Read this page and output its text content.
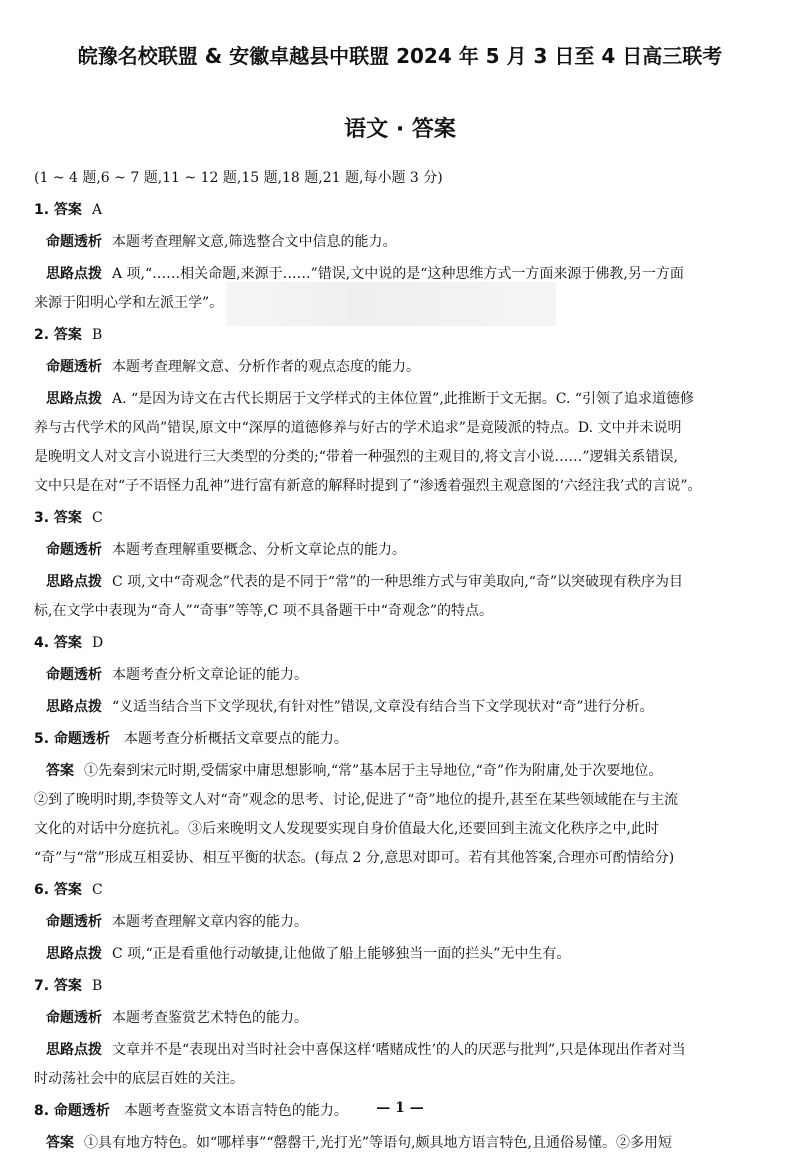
皖豫名校联盟 & 安徽卓越县中联盟 2024 年 5 月 3 日至 4 日高三联考
语文 · 答案
(1 ~ 4 题,6 ~ 7 题,11 ~ 12 题,15 题,18 题,21 题,每小题 3 分)
1. 答案 A
命题透析 本题考查理解文意,筛选整合文中信息的能力。
思路点拨 A 项,“……相关命题,来源于……”错误,文中说的是“这种思维方式一方面来源于佛教,另一方面
来源于阳明心学和左派王学”。
2. 答案 B
命题透析 本题考查理解文意、分析作者的观点态度的能力。
思路点拨 A. “是因为诗文在古代长期居于文学样式的主体位置”,此推断于文无据。C. “引领了追求道德修
养与古代学术的风尚”错误,原文中“深厚的道德修养与好古的学术追求”是竟陵派的特点。D. 文中并未说明
是晚明文人对文言小说进行三大类型的分类的;“带着一种强烈的主观目的,将文言小说……”逻辑关系错误,
文中只是在对“子不语怪力乱神”进行富有新意的解释时提到了“渗透着强烈主观意图的‘六经注我’式的言说”。
3. 答案 C
命题透析 本题考查理解重要概念、分析文章论点的能力。
思路点拨 C 项,文中“奇观念”代表的是不同于“常”的一种思维方式与审美取向,“奇”以突破现有秩序为目
标,在文学中表现为“奇人”“奇事”等等,C 项不具备题干中“奇观念”的特点。
4. 答案 D
命题透析 本题考查分析文章论证的能力。
思路点拨 “义适当结合当下文学现状,有针对性”错误,文章没有结合当下文学现状对“奇”进行分析。
5. 命题透析 本题考查分析概括文章要点的能力。
答案 ①先秦到宋元时期,受儒家中庸思想影响,“常”基本居于主导地位,“奇”作为附庸,处于次要地位。
②到了晚明时期,李贽等文人对“奇”观念的思考、讨论,促进了“奇”地位的提升,甚至在某些领域能在与主流
文化的对话中分庭抗礼。③后来晚明文人发现要实现自身价值最大化,还要回到主流文化秩序之中,此时
“奇”与“常”形成互相妥协、相互平衡的状态。(每点 2 分,意思对即可。若有其他答案,合理亦可酌情给分)
6. 答案 C
命题透析 本题考查理解文章内容的能力。
思路点拨 C 项,“正是看重他行动敏捷,让他做了船上能够独当一面的拦头”无中生有。
7. 答案 B
命题透析 本题考查鉴赏艺术特色的能力。
思路点拨 文章并不是“表现出对当时社会中喜保这样‘嗜赌成性’的人的厌恶与批判”,只是体现出作者对当
时动荡社会中的底层百姓的关注。
8. 命题透析 本题考查鉴赏文本语言特色的能力。
答案 ①具有地方特色。如“哪样事”“罄罄干,光打光”等语句,颇具地方语言特色,且通俗易懂。②多用短
— 1 —
